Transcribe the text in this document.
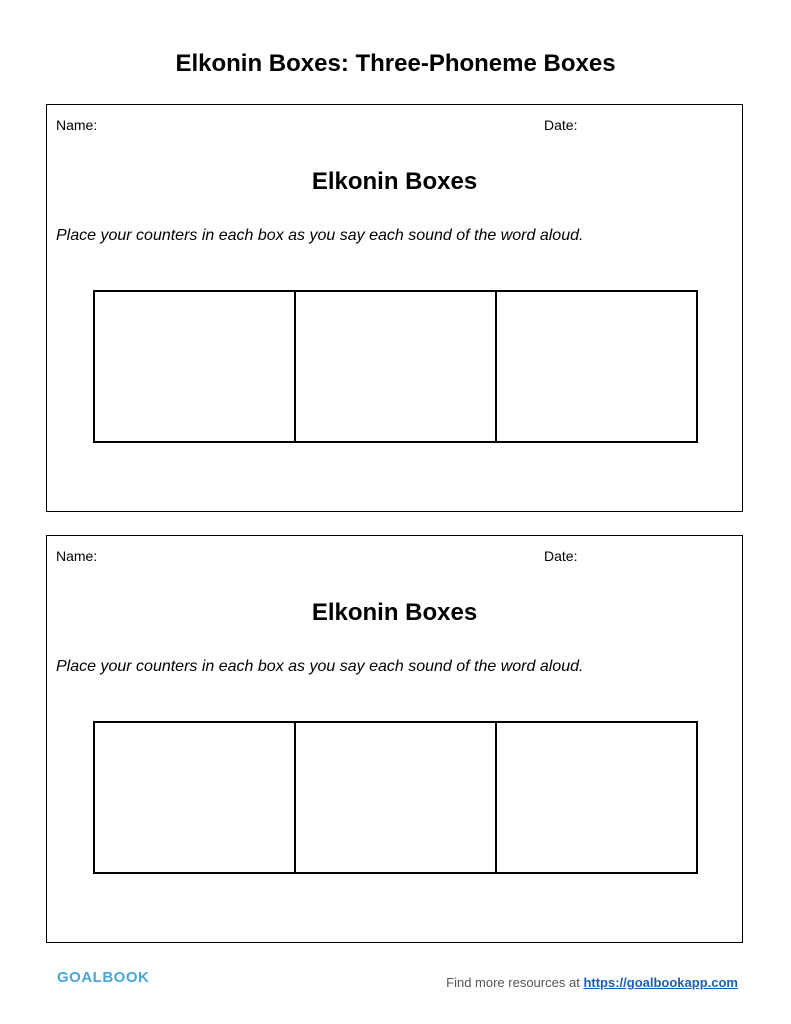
Elkonin Boxes: Three-Phoneme Boxes
Name:	Date:
Elkonin Boxes
Place your counters in each box as you say each sound of the word aloud.
Name:	Date:
Elkonin Boxes
Place your counters in each box as you say each sound of the word aloud.
GOALBOOK	Find more resources at https://goalbookapp.com
